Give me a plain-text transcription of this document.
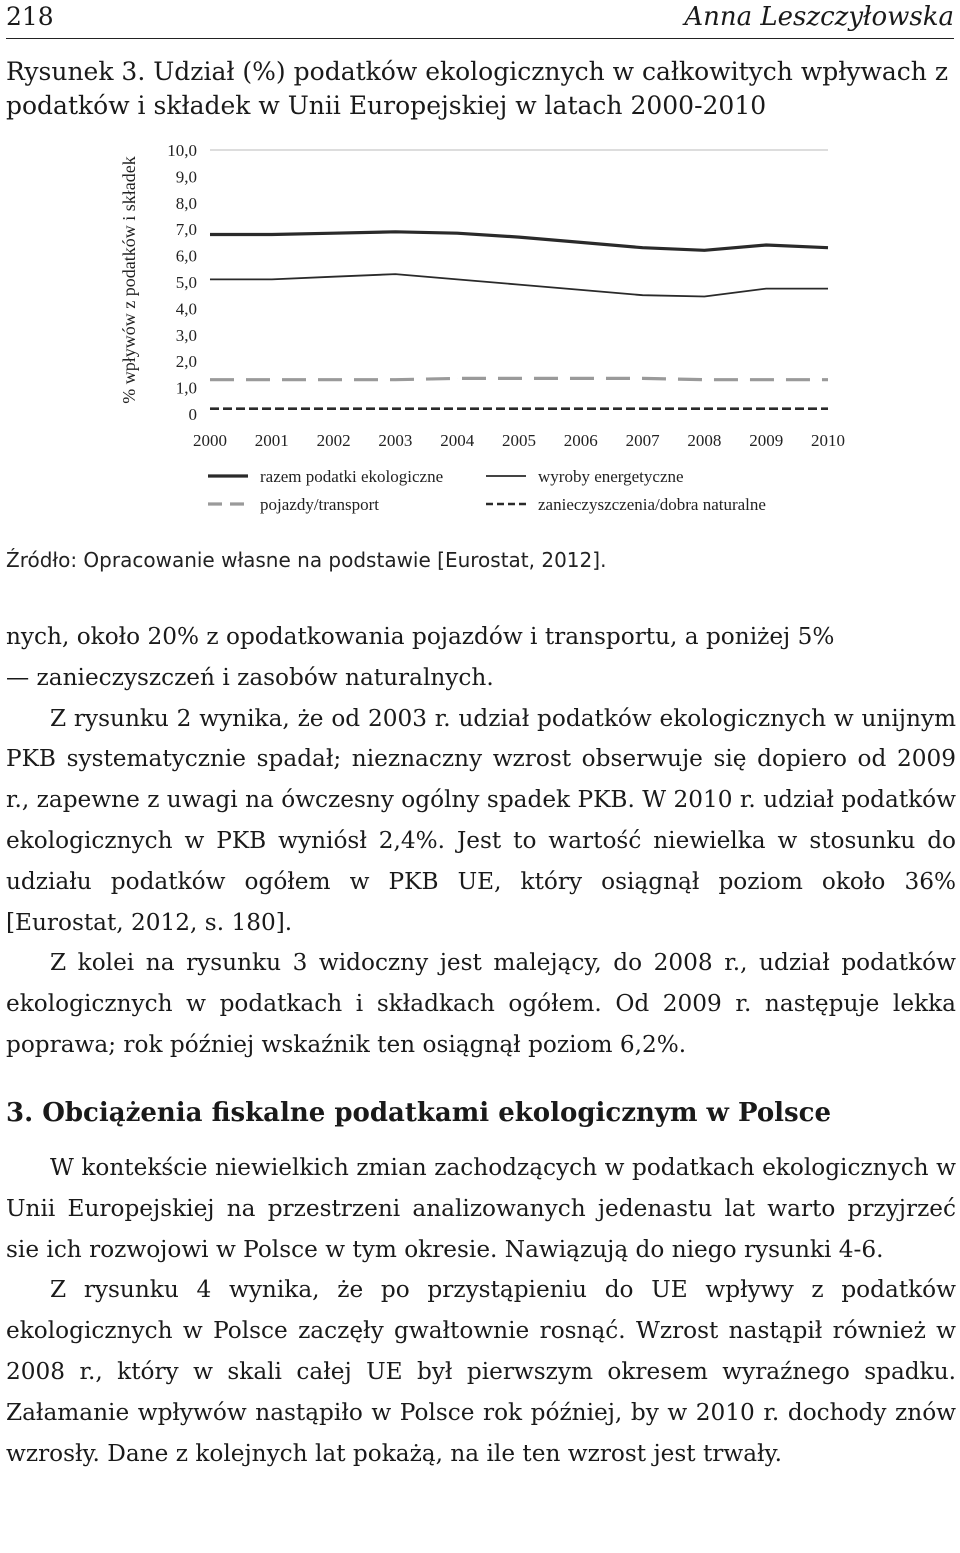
218	Anna Leszczyłowska
Rysunek 3. Udział (%) podatków ekologicznych w całkowitych wpływach z podatków i składek w Unii Europejskiej w latach 2000-2010
% wpływów z podatków i składek
0
1,0
2,0
3,0
4,0
5,0
6,0
7,0
8,0
9,0
10,0
2000 2001 2002 2003 2004 2005 2006 2007 2008 2009 2010
razem podatki ekologiczne	wyroby energetyczne
pojazdy/transport	zanieczyszczenia/dobra naturalne
Źródło: Opracowanie własne na podstawie [Eurostat, 2012].

nych, około 20% z opodatkowania pojazdów i transportu, a poniżej 5%

— zanieczyszczeń i zasobów naturalnych.

Z rysunku 2 wynika, że od 2003 r. udział podatków ekologicznych w unijnym PKB systematycznie spadał; nieznaczny wzrost obserwuje się dopiero od 2009 r., zapewne z uwagi na ówczesny ogólny spadek PKB. W 2010 r. udział podatków ekologicznych w PKB wyniósł 2,4%. Jest to wartość niewielka w stosunku do udziału podatków ogółem w PKB UE, który osiągnął poziom około 36% [Eurostat, 2012, s. 180].

Z kolei na rysunku 3 widoczny jest malejący, do 2008 r., udział podatków ekologicznych w podatkach i składkach ogółem. Od 2009 r. następuje lekka poprawa; rok później wskaźnik ten osiągnął poziom 6,2%.

3. Obciążenia fiskalne podatkami ekologicznym w Polsce

W kontekście niewielkich zmian zachodzących w podatkach ekologicznych w Unii Europejskiej na przestrzeni analizowanych jedenastu lat warto przyjrzeć sie ich rozwojowi w Polsce w tym okresie. Nawiązują do niego rysunki 4-6.

Z rysunku 4 wynika, że po przystąpieniu do UE wpływy z podatków ekologicznych w Polsce zaczęły gwałtownie rosnąć. Wzrost nastąpił również w 2008 r., który w skali całej UE był pierwszym okresem wyraźnego spadku. Załamanie wpływów nastąpiło w Polsce rok później, by w 2010 r. dochody znów wzrosły. Dane z kolejnych lat pokażą, na ile ten wzrost jest trwały.
